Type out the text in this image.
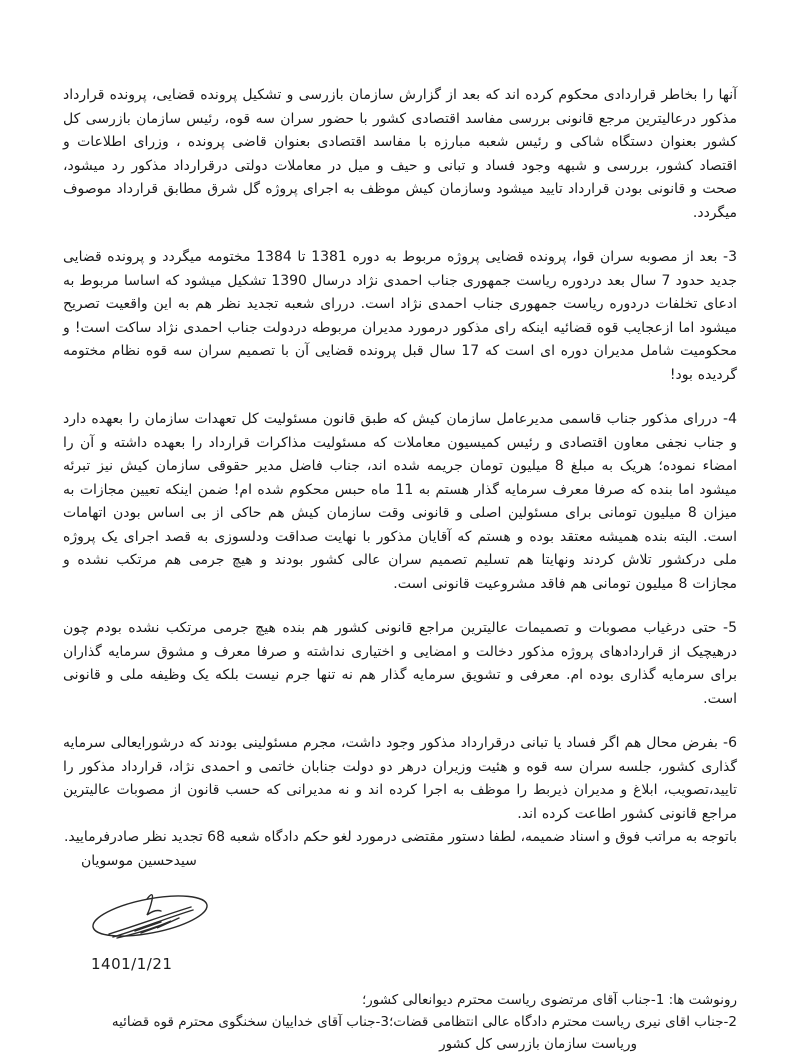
آنها را بخاطر قراردادی محکوم کرده اند که بعد از گزارش سازمان بازرسی و تشکیل پرونده قضایی، پرونده قرارداد مذکور درعالیترین مرجع قانونی بررسی مفاسد اقتصادی کشور با حضور سران سه قوه، رئیس سازمان بازرسی کل کشور بعنوان دستگاه شاکی و رئیس شعبه مبارزه با مفاسد اقتصادی بعنوان قاضی پرونده ، وزرای اطلاعات و اقتصاد کشور، بررسی و شبهه وجود فساد و تبانی و حیف و میل در معاملات دولتی درقرارداد مذکور رد میشود، صحت و قانونی بودن قرارداد تایید میشود وسازمان کیش موظف به اجرای پروژه گل شرق مطابق قرارداد موصوف میگردد.

3- بعد از مصوبه سران قوا، پرونده قضایی پروژه مربوط به دوره 1381 تا 1384 مختومه میگردد و پرونده قضایی جدید حدود 7 سال بعد دردوره ریاست جمهوری جناب احمدی نژاد درسال 1390 تشکیل میشود که اساسا مربوط به ادعای تخلفات دردوره ریاست جمهوری جناب احمدی نژاد است. دررای شعبه تجدید نظر هم به این واقعیت تصریح میشود اما ازعجایب قوه قضائیه اینکه رای مذکور درمورد مدیران مربوطه دردولت جناب احمدی نژاد ساکت است! و محکومیت شامل مدیران دوره ای است که 17 سال قبل پرونده قضایی آن با تصمیم سران سه قوه نظام مختومه گردیده بود!

4- دررای مذکور جناب قاسمی مدیرعامل سازمان کیش که طبق قانون مسئولیت کل تعهدات سازمان را بعهده دارد و جناب نجفی معاون اقتصادی و رئیس کمیسیون معاملات که مسئولیت مذاکرات قرارداد را بعهده داشته و آن را امضاء نموده؛ هریک به مبلغ 8 میلیون تومان جریمه شده اند، جناب فاضل مدیر حقوقی سازمان کیش نیز تبرئه میشود اما بنده که صرفا معرف سرمایه گذار هستم به 11 ماه حبس محکوم شده ام! ضمن اینکه تعیین مجازات به میزان 8 میلیون تومانی برای مسئولین اصلی و قانونی وقت سازمان کیش هم حاکی از بی اساس بودن اتهامات است. البته بنده همیشه معتقد بوده و هستم که آقایان مذکور با نهایت صداقت ودلسوزی به قصد اجرای یک پروژه ملی درکشور تلاش کردند ونهایتا هم تسلیم تصمیم سران عالی کشور بودند و هیچ جرمی هم مرتکب نشده و مجازات 8 میلیون تومانی هم فاقد مشروعیت قانونی است.

5- حتی درغیاب مصوبات و تصمیمات عالیترین مراجع قانونی کشور هم بنده هیچ جرمی مرتکب نشده بودم چون درهیچیک از قراردادهای پروژه مذکور دخالت و امضایی و اختیاری نداشته و صرفا معرف و مشوق سرمایه گذاران برای سرمایه گذاری بوده ام. معرفی و تشویق سرمایه گذار هم نه تنها جرم نیست بلکه یک وظیفه ملی و قانونی است.

6- بفرض محال هم اگر فساد یا تبانی درقرارداد مذکور وجود داشت، مجرم مسئولینی بودند که درشورایعالی سرمایه گذاری کشور، جلسه سران سه قوه و هئیت وزیران درهر دو دولت جنابان خاتمی و احمدی نژاد، قرارداد مذکور را تایید،تصویب، ابلاغ و مدیران ذیربط را موظف به اجرا کرده اند و نه مدیرانی که حسب قانون از مصوبات عالیترین مراجع قانونی کشور اطاعت کرده اند.

باتوجه به مراتب فوق و اسناد ضمیمه، لطفا دستور مقتضی درمورد لغو حکم دادگاه شعبه 68 تجدید نظر صادرفرمایید.
سیدحسین موسویان
1401/1/21
رونوشت ها: 1-جناب آقای مرتضوی ریاست محترم دیوانعالی کشور؛
2-جناب اقای نیری ریاست محترم دادگاه عالی انتظامی قضات؛3-جناب آقای خداییان سخنگوی محترم قوه قضائیه
وریاست سازمان بازرسی کل کشور
